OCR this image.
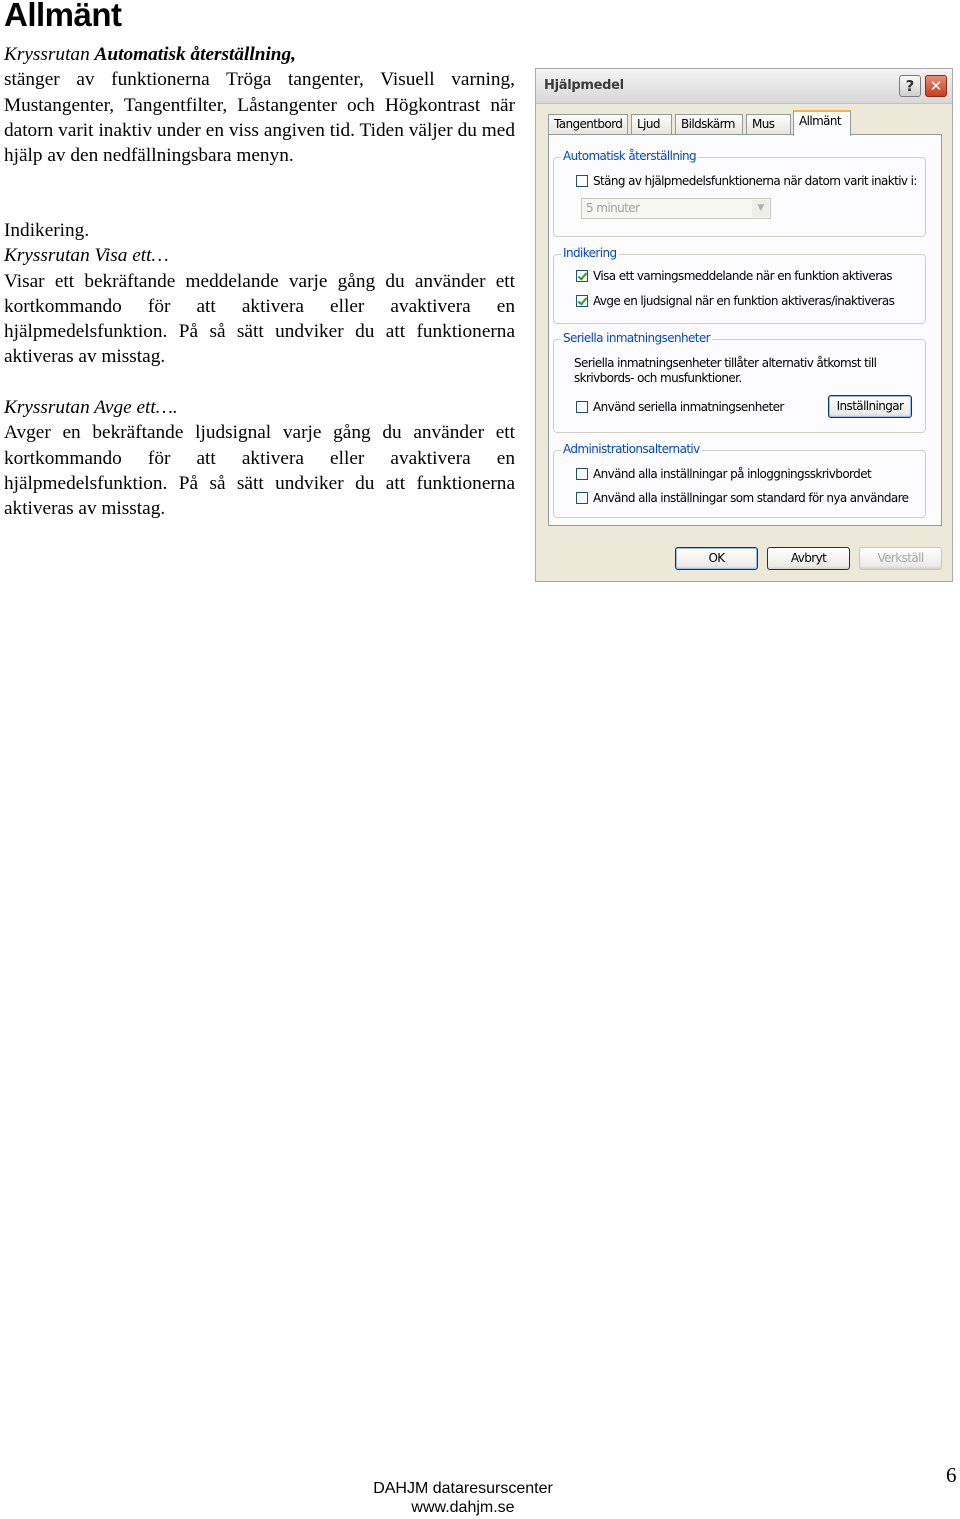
Allmänt

Kryssrutan Automatisk återställning,
stänger av funktionerna Tröga tangenter, Visuell varning, Mustangenter, Tangentfilter, Låstangenter och Högkontrast när datorn varit inaktiv under en viss angiven tid. Tiden väljer du med hjälp av den nedfällningsbara menyn.

Indikering.

Kryssrutan Visa ett…

Visar ett bekräftande meddelande varje gång du använder ett kortkommando för att aktivera eller avaktivera en hjälpmedelsfunktion. På så sätt undviker du att funktionerna aktiveras av misstag.

Kryssrutan Avge ett….

Avger en bekräftande ljudsignal varje gång du använder ett kortkommando för att aktivera eller avaktivera en hjälpmedelsfunktion. På så sätt undviker du att funktionerna aktiveras av misstag.

Hjälpmedel	?	✕
Tangentbord	Ljud	Bildskärm	Mus	Allmänt
Automatisk återställning
Stäng av hjälpmedelsfunktionerna när datorn varit inaktiv i:
5 minuter	▼
Indikering
Visa ett varningsmeddelande när en funktion aktiveras
Avge en ljudsignal när en funktion aktiveras/inaktiveras
Seriella inmatningsenheter
Seriella inmatningsenheter tillåter alternativ åtkomst till
skrivbords- och musfunktioner.
Använd seriella inmatningsenheter	Inställningar
Administrationsalternativ
Använd alla inställningar på inloggningsskrivbordet
Använd alla inställningar som standard för nya användare
OK	Avbryt	Verkställ
DAHJM dataresurscenter
www.dahjm.se
6
